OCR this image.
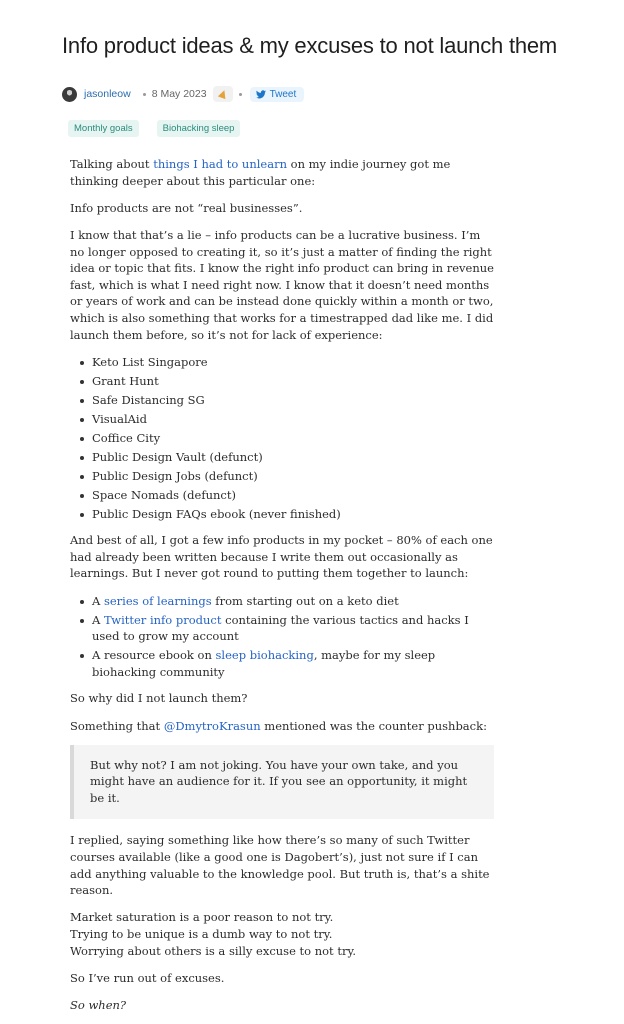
Info product ideas & my excuses to not launch them
jasonleow 8 May 2023	Tweet
Monthly goals	Biohacking sleep

Talking about things I had to unlearn on my indie journey got me thinking deeper about this particular one:

Info products are not “real businesses”.

I know that that’s a lie – info products can be a lucrative business. I’m no longer opposed to creating it, so it’s just a matter of finding the right idea or topic that fits. I know the right info product can bring in revenue fast, which is what I need right now. I know that it doesn’t need months or years of work and can be instead done quickly within a month or two, which is also something that works for a timestrapped dad like me. I did launch them before, so it’s not for lack of experience:

Keto List Singapore
Grant Hunt
Safe Distancing SG
VisualAid
Coffice City
Public Design Vault (defunct)
Public Design Jobs (defunct)
Space Nomads (defunct)
Public Design FAQs ebook (never finished)

And best of all, I got a few info products in my pocket – 80% of each one had already been written because I write them out occasionally as learnings. But I never got round to putting them together to launch:

A series of learnings from starting out on a keto diet
A Twitter info product containing the various tactics and hacks I used to grow my account
A resource ebook on sleep biohacking, maybe for my sleep biohacking community

So why did I not launch them?

Something that @DmytroKrasun mentioned was the counter pushback:

But why not? I am not joking. You have your own take, and you might have an audience for it. If you see an opportunity, it might be it.

I replied, saying something like how there’s so many of such Twitter courses available (like a good one is Dagobert’s), just not sure if I can add anything valuable to the knowledge pool. But truth is, that’s a shite reason.

Market saturation is a poor reason to not try.
Trying to be unique is a dumb way to not try.
Worrying about others is a silly excuse to not try.

So I’ve run out of excuses.

So when?
